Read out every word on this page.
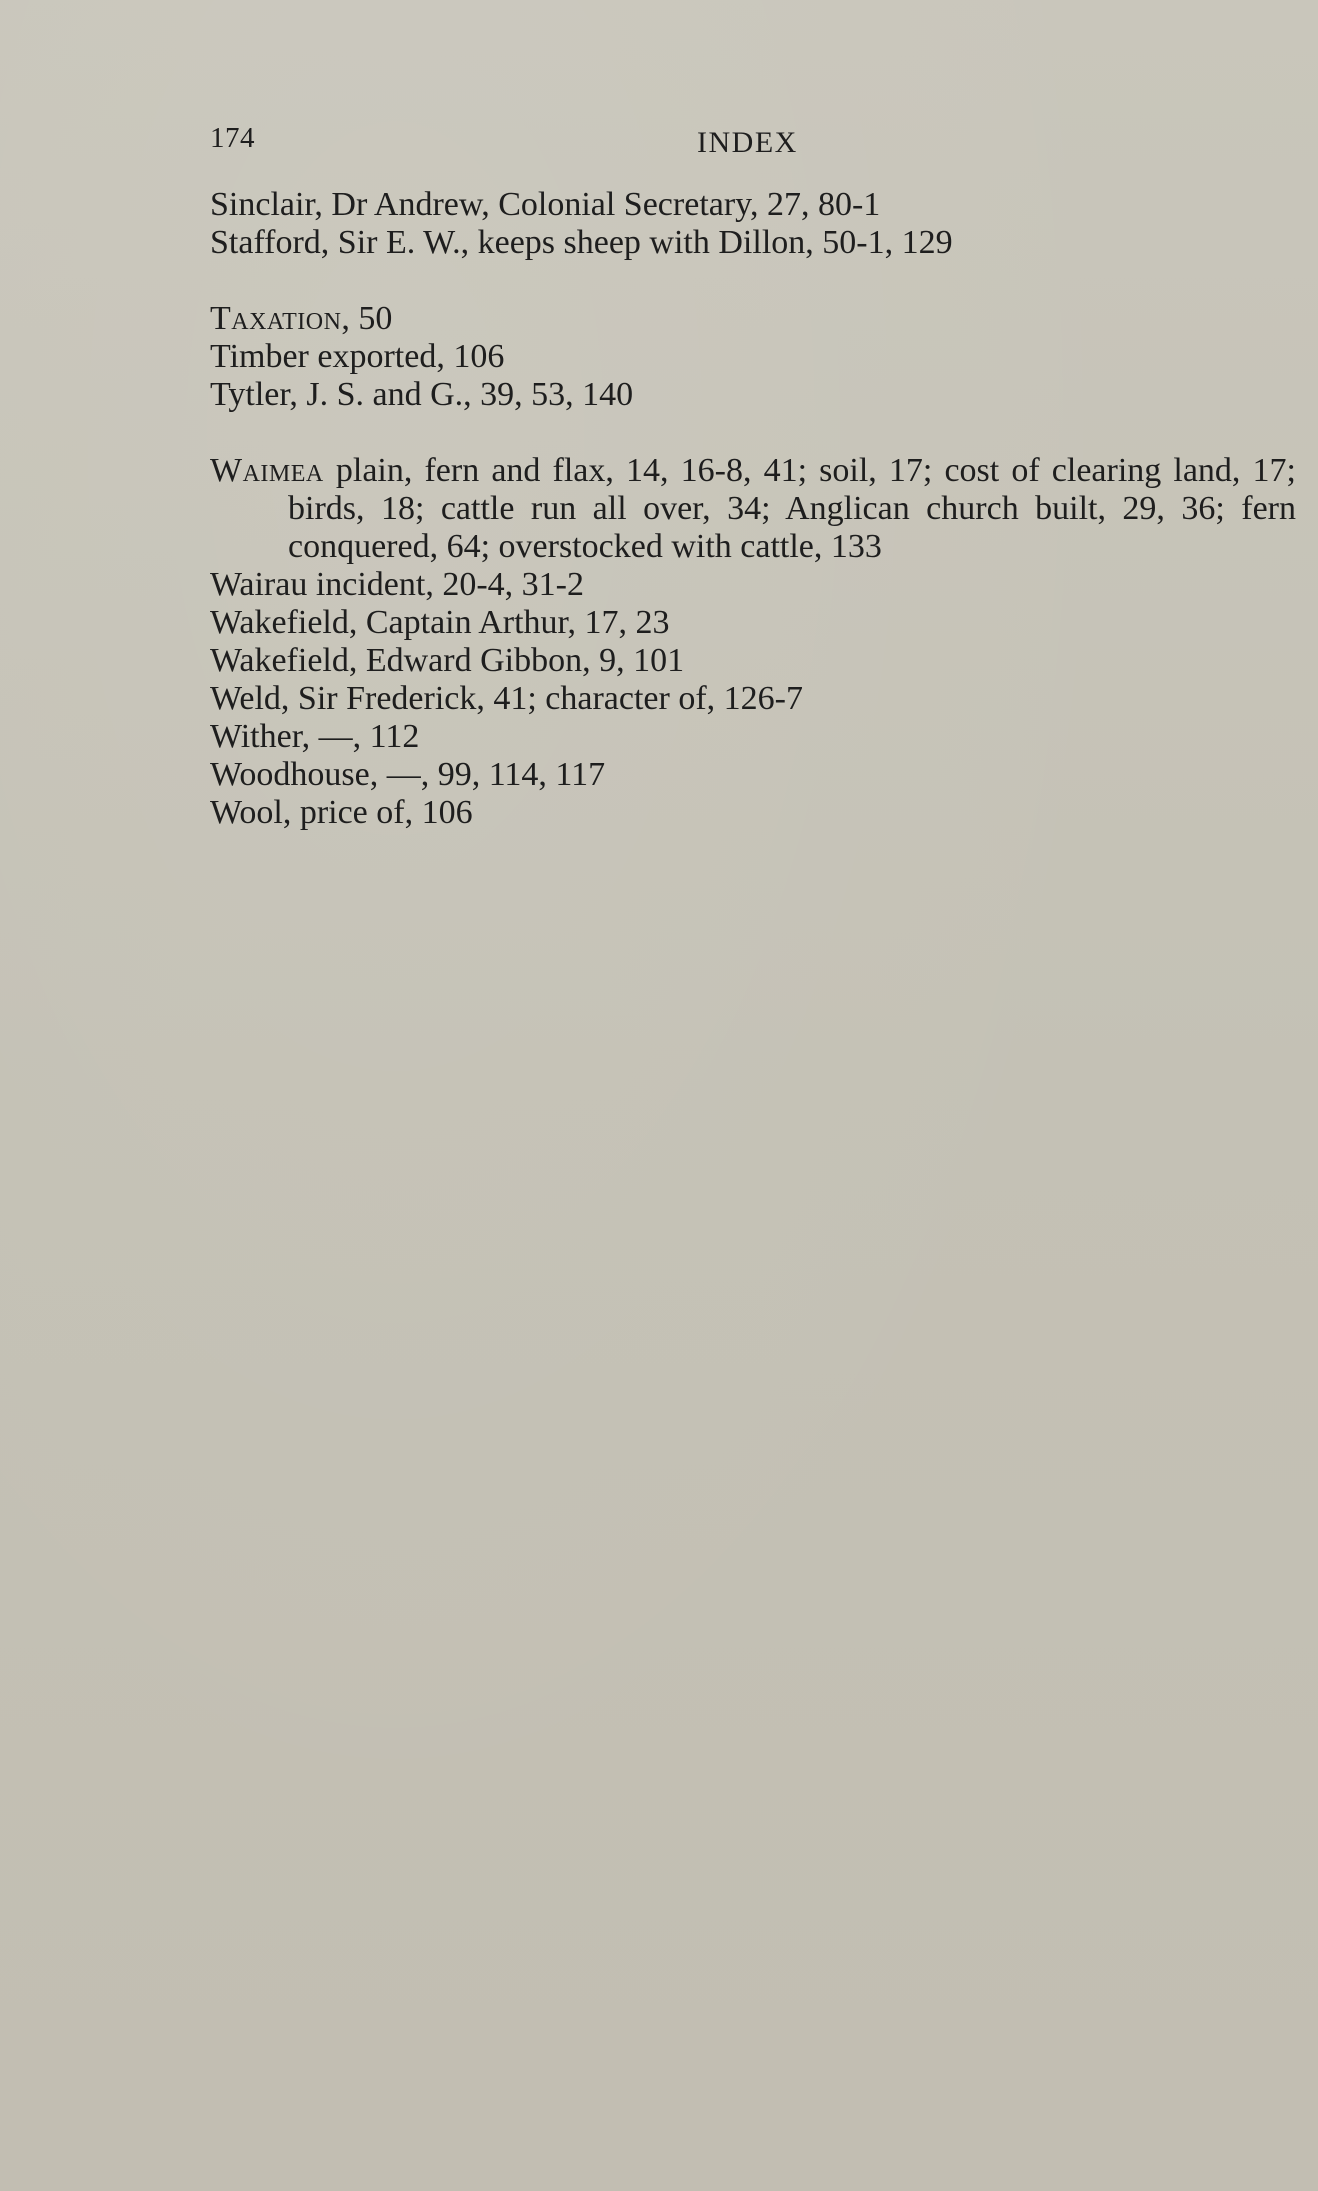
174	INDEX
Sinclair, Dr Andrew, Colonial Secretary, 27, 80-1
Stafford, Sir E. W., keeps sheep with Dillon, 50-1, 129
Taxation, 50
Timber exported, 106
Tytler, J. S. and G., 39, 53, 140
Waimea plain, fern and flax, 14, 16-8, 41; soil, 17; cost of clearing land, 17; birds, 18; cattle run all over, 34; Anglican church built, 29, 36; fern conquered, 64; overstocked with cattle, 133
Wairau incident, 20-4, 31-2
Wakefield, Captain Arthur, 17, 23
Wakefield, Edward Gibbon, 9, 101
Weld, Sir Frederick, 41; character of, 126-7
Wither, —, 112
Woodhouse, —, 99, 114, 117
Wool, price of, 106
